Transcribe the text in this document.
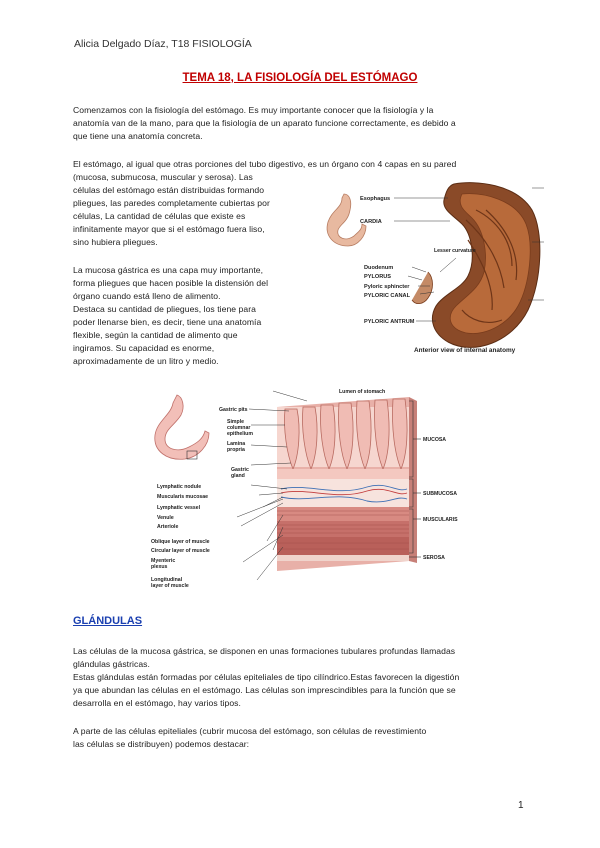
Alicia Delgado Díaz, T18 FISIOLOGÍA
TEMA 18, LA FISIOLOGÍA DEL ESTÓMAGO
Comenzamos con la fisiología del estómago. Es muy importante conocer que la fisiología y la
anatomía van de la mano, para que la fisiología de un aparato funcione correctamente, es debido a
que tiene una anatomía concreta.
El estómago, al igual que otras porciones del tubo digestivo, es un órgano con 4 capas en su pared
(mucosa, submucosa, muscular y serosa). Las
células del estómago están distribuidas formando
pliegues, las paredes completamente cubiertas por
células, La cantidad de células que existe es
infinitamente mayor que si el estómago fuera liso,
sino hubiera pliegues.
La mucosa gástrica es una capa muy importante,
forma pliegues que hacen posible la distensión del
órgano cuando está lleno de alimento.
Destaca su cantidad de pliegues, los tiene para
poder llenarse bien, es decir, tiene una anatomía
flexible, según la cantidad de alimento que
ingiramos. Su capacidad es enorme,
aproximadamente de un litro y medio.
Esophagus
CARDIA
Lesser curvature
Duodenum
PYLORUS
Pyloric sphincter
PYLORIC CANAL
PYLORIC ANTRUM
Anterior view of internal anatomy
Lumen of stomach
Gastric pits
Simple
columnar
epithelium
Lamina
propria
Gastric
gland
Lymphatic nodule
Muscularis mucosae
Lymphatic vessel
Venule
Arteriole
Oblique layer of muscle
Circular layer of muscle
Myenteric
plexus
Longitudinal
layer of muscle
MUCOSA
SUBMUCOSA
MUSCULARIS
SEROSA
GLÁNDULAS
Las células de la mucosa gástrica, se disponen en unas formaciones tubulares profundas llamadas
glándulas gástricas.
Estas glándulas están formadas por células epiteliales de tipo cilíndrico.Estas favorecen la digestión
ya que abundan las células en el estómago. Las células son imprescindibles para la función que se
desarrolla en el estómago, hay varios tipos.
A parte de las células epiteliales (cubrir mucosa del estómago, son células de revestimiento
las células se distribuyen) podemos destacar:
1
